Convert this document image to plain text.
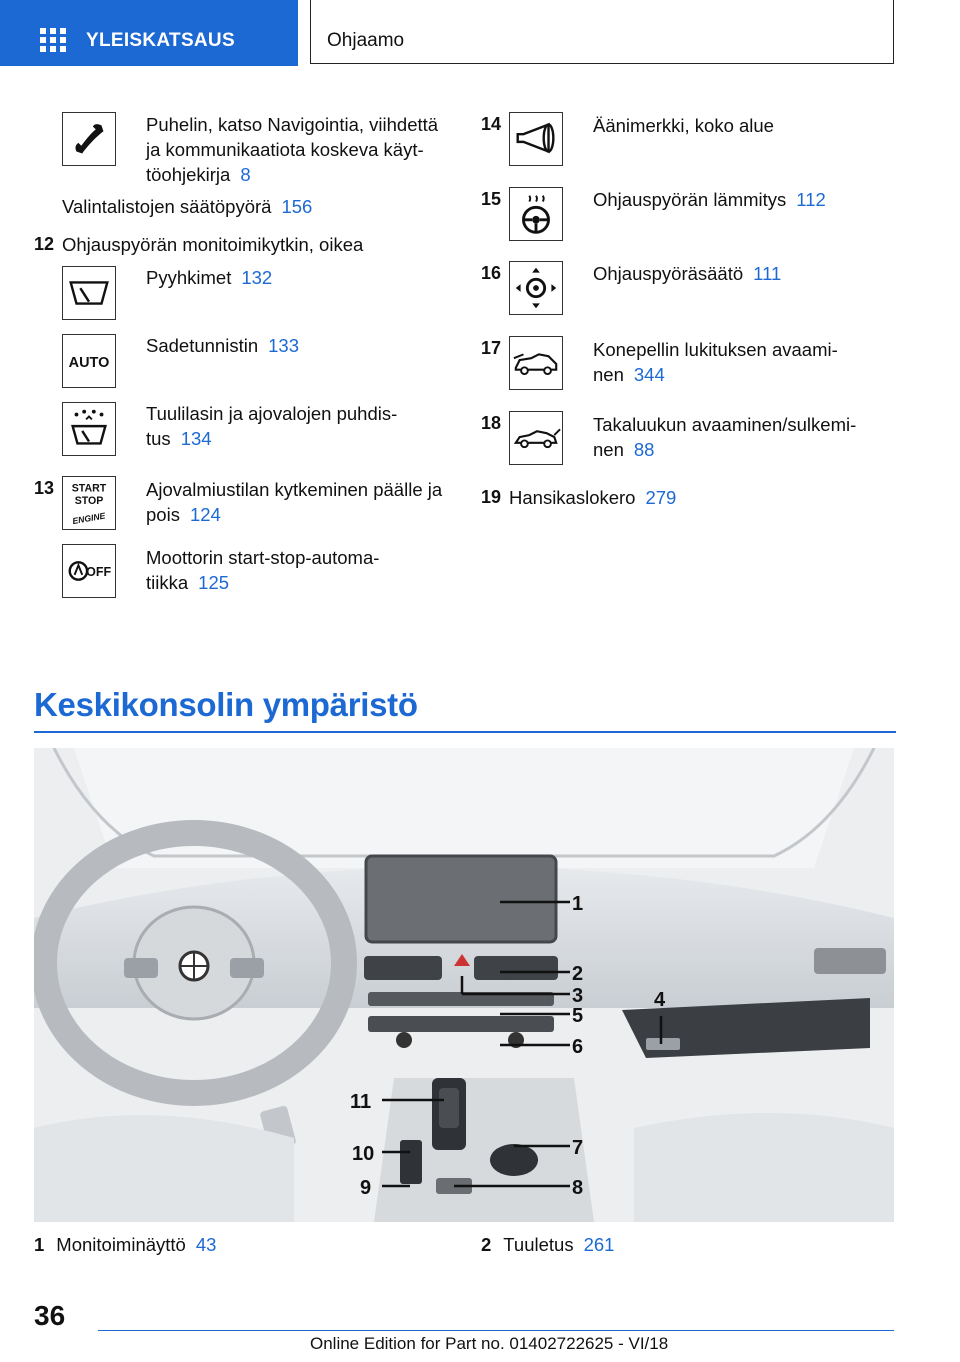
YLEISKATSAUS	Ohjaamo
Puhelin, katso Navigointia, viihdettä
ja kommunikaatiota koskeva käyt-
töohjekirja 8
Valintalistojen säätöpyörä 156
12 Ohjauspyörän monitoimikytkin, oikea
Pyyhkimet 132
AUTO
Sadetunnistin 133
Tuulilasin ja ajovalojen puhdis-
tus 134
13 START
STOP
ENGINE
Ajovalmiustilan kytkeminen päälle ja
pois 124
OFF
Moottorin start-stop-automa-
tiikka 125
14	Äänimerkki, koko alue
15	Ohjauspyörän lämmitys 112
16	Ohjauspyöräsäätö 111
17	Konepellin lukituksen avaami-
nen 344
18	Takaluukun avaaminen/sulkemi-
nen 88
19 Hansikaslokero 279
Keskikonsolin ympäristö
1
2
3
5
6
4
11
10
9
7
8
1 Monitoiminäyttö 43	2 Tuuletus 261
36
Online Edition for Part no. 01402722625 - VI/18
